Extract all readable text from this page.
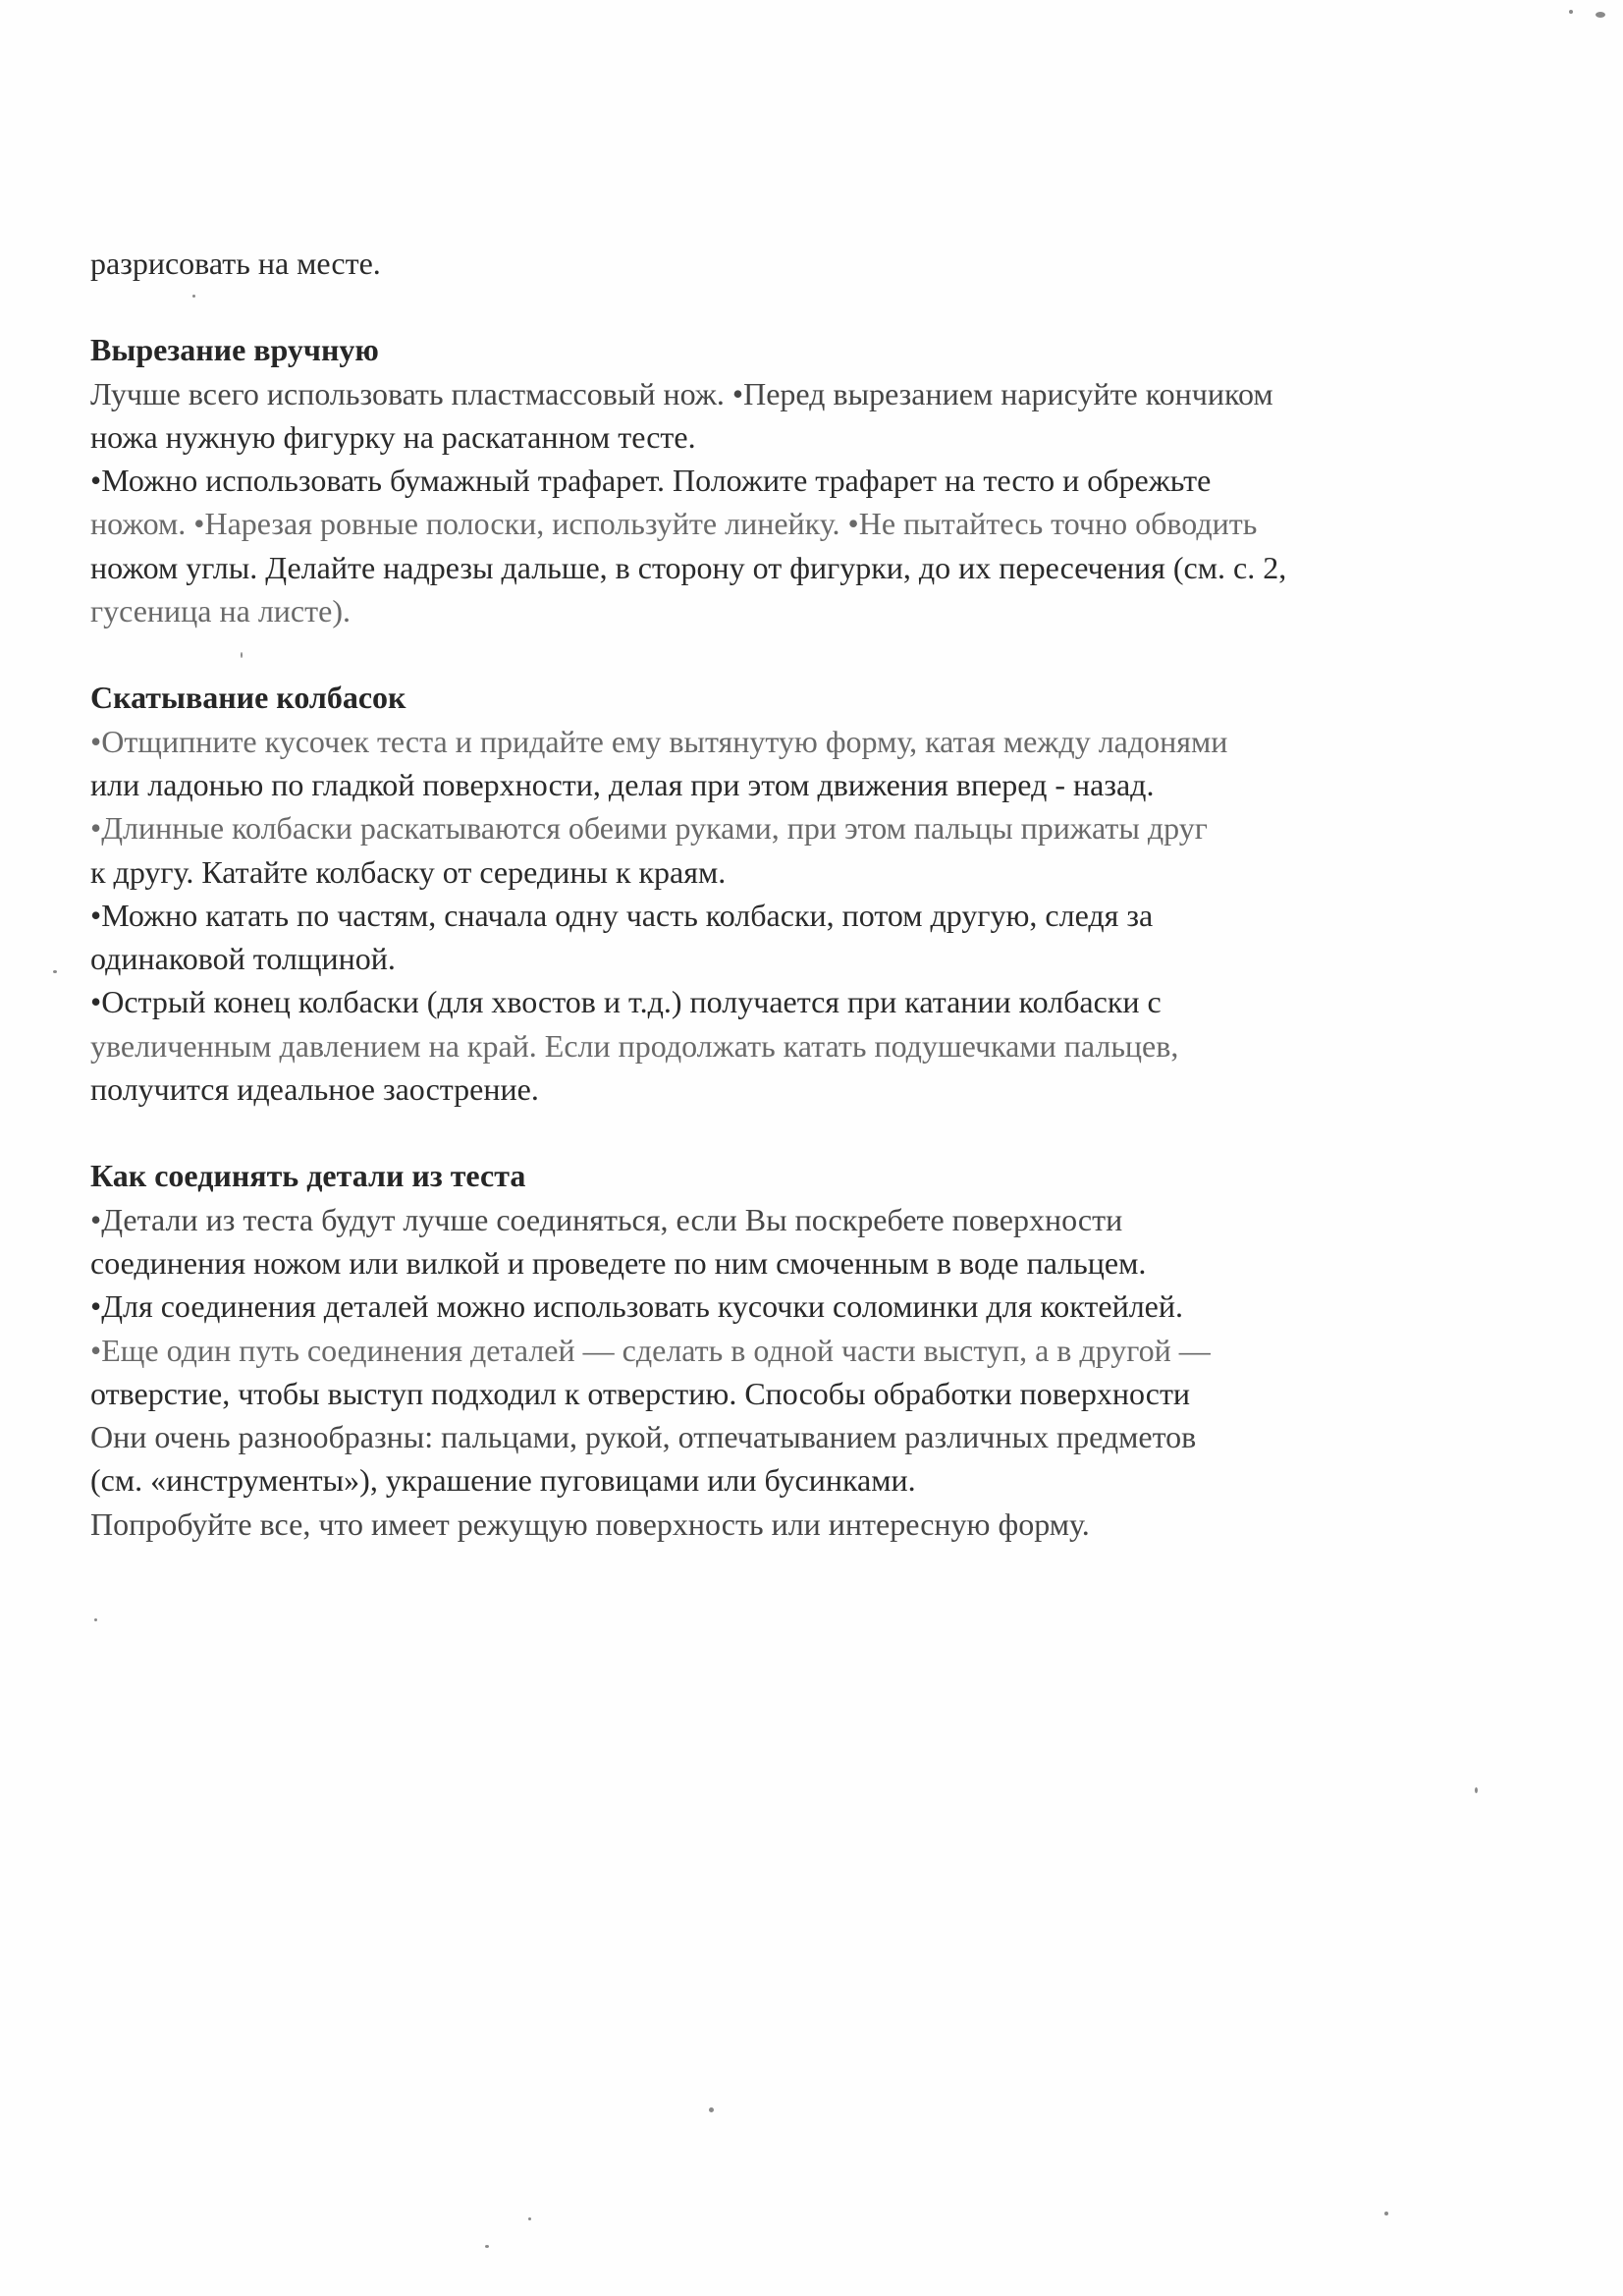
разрисовать на месте.
Вырезание вручную
Лучше всего использовать пластмассовый нож. •Перед вырезанием нарисуйте кончиком
ножа нужную фигурку на раскатанном тесте.
•Можно использовать бумажный трафарет. Положите трафарет на тесто и обрежьте
ножом. •Нарезая ровные полоски, используйте линейку. •Не пытайтесь точно обводить
ножом углы. Делайте надрезы дальше, в сторону от фигурки, до их пересечения (см. с. 2,
гусеница на листе).
Скатывание колбасок
•Отщипните кусочек теста и придайте ему вытянутую форму, катая между ладонями
или ладонью по гладкой поверхности, делая при этом движения вперед - назад.
•Длинные колбаски раскатываются обеими руками, при этом пальцы прижаты друг
к другу. Катайте колбаску от середины к краям.
•Можно катать по частям, сначала одну часть колбаски, потом другую, следя за
одинаковой толщиной.
•Острый конец колбаски (для хвостов и т.д.) получается при катании колбаски с
увеличенным давлением на край. Если продолжать катать подушечками пальцев,
получится идеальное заострение.
Как соединять детали из теста
•Детали из теста будут лучше соединяться, если Вы поскребете поверхности
соединения ножом или вилкой и проведете по ним смоченным в воде пальцем.
•Для соединения деталей можно использовать кусочки соломинки для коктейлей.
•Еще один путь соединения деталей — сделать в одной части выступ, а в другой —
отверстие, чтобы выступ подходил к отверстию. Способы обработки поверхности
Они очень разнообразны: пальцами, рукой, отпечатыванием различных предметов
(см. «инструменты»), украшение пуговицами или бусинками.
Попробуйте все, что имеет режущую поверхность или интересную форму.
